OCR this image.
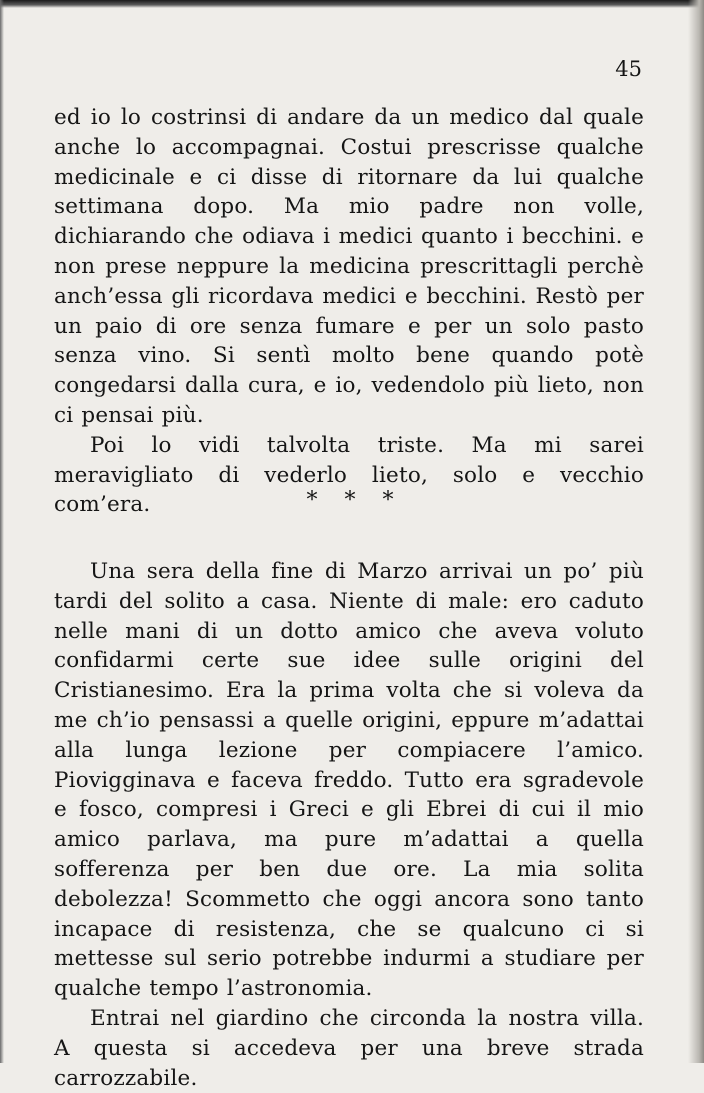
45

ed io lo costrinsi di andare da un medico dal quale anche lo accompagnai. Costui prescrisse qualche medicinale e ci disse di ritornare da lui qualche settimana dopo. Ma mio padre non volle, dichiarando che odiava i medici quanto i becchini. e non prese neppure la medicina prescrittagli perchè anch’essa gli ricordava medici e becchini. Restò per un paio di ore senza fumare e per un solo pasto senza vino. Si sentì molto bene quando potè congedarsi dalla cura, e io, vedendolo più lieto, non ci pensai più.

Poi lo vidi talvolta triste. Ma mi sarei meravigliato di vederlo lieto, solo e vecchio com’era.	* * *

Una sera della fine di Marzo arrivai un po’ più tardi del solito a casa. Niente di male: ero caduto nelle mani di un dotto amico che aveva voluto confidarmi certe sue idee sulle origini del Cristianesimo. Era la prima volta che si voleva da me ch’io pensassi a quelle origini, eppure m’adattai alla lunga lezione per compiacere l’amico. Piovigginava e faceva freddo. Tutto era sgradevole e fosco, compresi i Greci e gli Ebrei di cui il mio amico parlava, ma pure m’adattai a quella sofferenza per ben due ore. La mia solita debolezza! Scommetto che oggi ancora sono tanto incapace di resistenza, che se qualcuno ci si mettesse sul serio potrebbe indurmi a studiare per qualche tempo l’astronomia.

Entrai nel giardino che circonda la nostra villa. A questa si accedeva per una breve strada carrozzabile.
